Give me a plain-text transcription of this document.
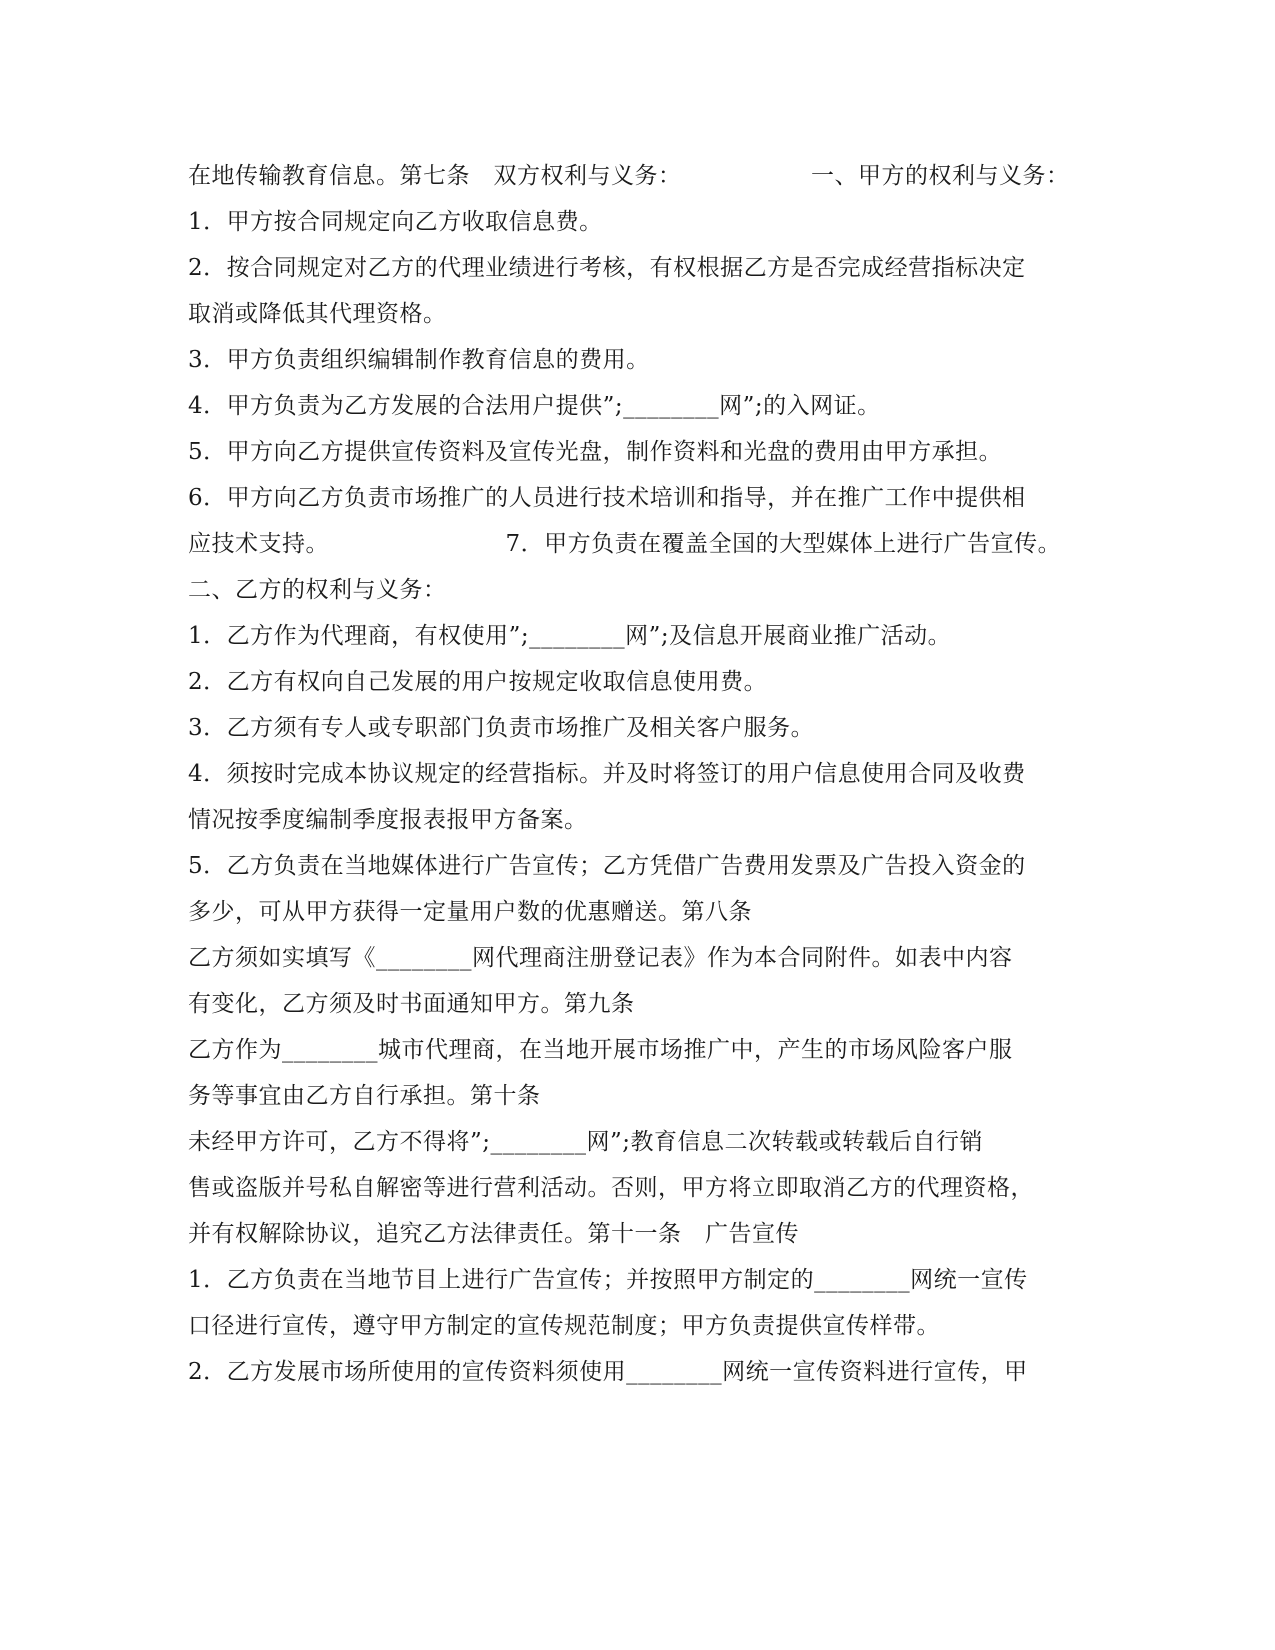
在地传输教育信息。第七条　双方权利与义务：　　　　　　一、甲方的权利与义务：
1．甲方按合同规定向乙方收取信息费。
2．按合同规定对乙方的代理业绩进行考核，有权根据乙方是否完成经营指标决定
取消或降低其代理资格。
3．甲方负责组织编辑制作教育信息的费用。
4．甲方负责为乙方发展的合法用户提供”;________网”;的入网证。
5．甲方向乙方提供宣传资料及宣传光盘，制作资料和光盘的费用由甲方承担。
6．甲方向乙方负责市场推广的人员进行技术培训和指导，并在推广工作中提供相
应技术支持。　　　　　　　　7．甲方负责在覆盖全国的大型媒体上进行广告宣传。
二、乙方的权利与义务：
1．乙方作为代理商，有权使用”;________网”;及信息开展商业推广活动。
2．乙方有权向自己发展的用户按规定收取信息使用费。
3．乙方须有专人或专职部门负责市场推广及相关客户服务。
4．须按时完成本协议规定的经营指标。并及时将签订的用户信息使用合同及收费
情况按季度编制季度报表报甲方备案。
5．乙方负责在当地媒体进行广告宣传；乙方凭借广告费用发票及广告投入资金的
多少，可从甲方获得一定量用户数的优惠赠送。第八条
乙方须如实填写《________网代理商注册登记表》作为本合同附件。如表中内容
有变化，乙方须及时书面通知甲方。第九条
乙方作为________城市代理商，在当地开展市场推广中，产生的市场风险客户服
务等事宜由乙方自行承担。第十条
未经甲方许可，乙方不得将”;________网”;教育信息二次转载或转载后自行销
售或盗版并号私自解密等进行营利活动。否则，甲方将立即取消乙方的代理资格，
并有权解除协议，追究乙方法律责任。第十一条　广告宣传
1．乙方负责在当地节目上进行广告宣传；并按照甲方制定的________网统一宣传
口径进行宣传，遵守甲方制定的宣传规范制度；甲方负责提供宣传样带。
2．乙方发展市场所使用的宣传资料须使用________网统一宣传资料进行宣传，甲
